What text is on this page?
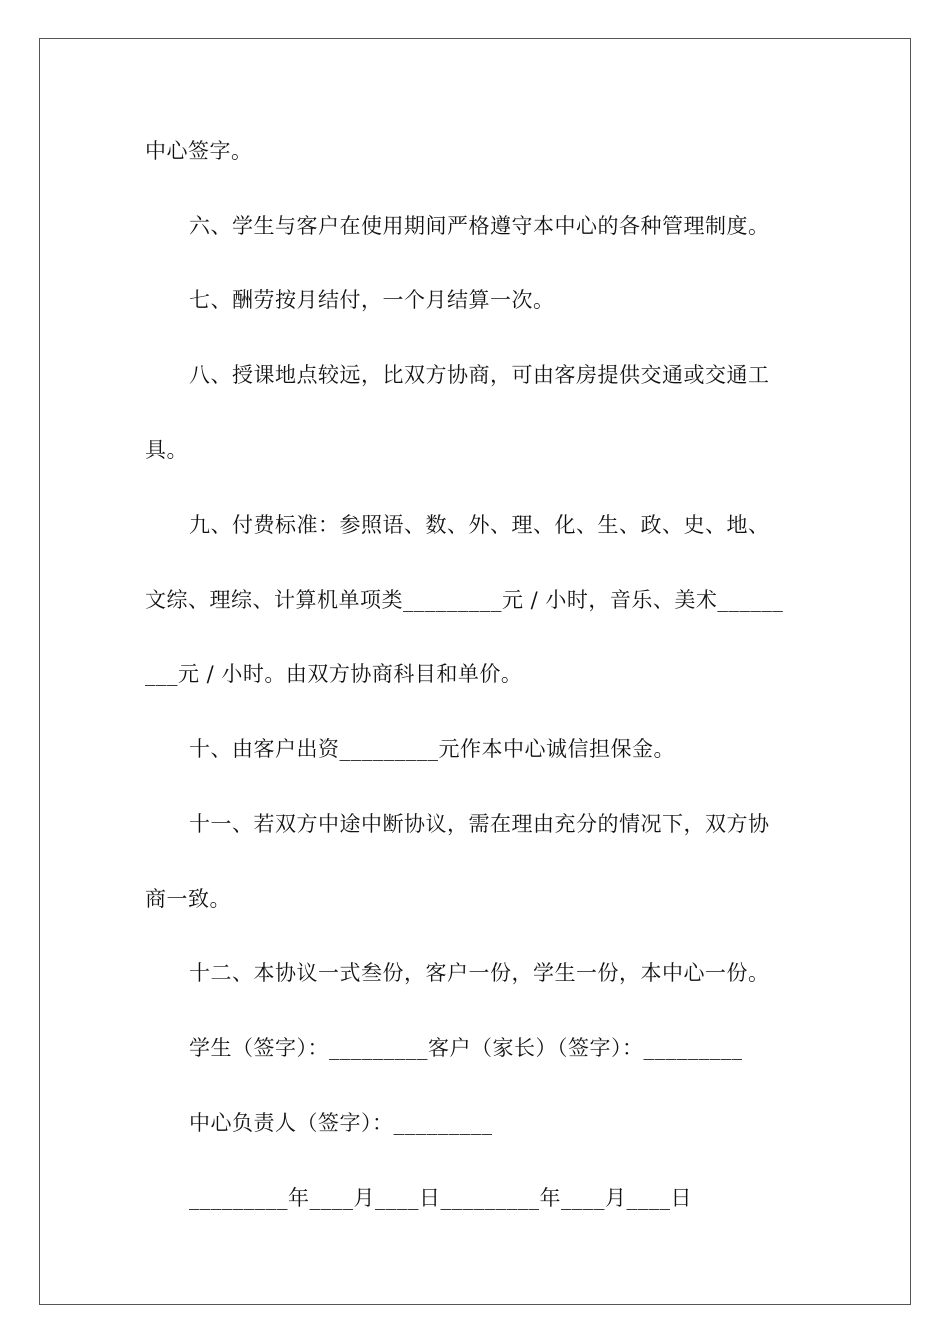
中心签字。
六、学生与客户在使用期间严格遵守本中心的各种管理制度。
七、酬劳按月结付，一个月结算一次。
八、授课地点较远，比双方协商，可由客房提供交通或交通工
具。
九、付费标准：参照语、数、外、理、化、生、政、史、地、
文综、理综、计算机单项类_________元 / 小时，音乐、美术______
___元 / 小时。由双方协商科目和单价。
十、由客户出资_________元作本中心诚信担保金。
十一、若双方中途中断协议，需在理由充分的情况下，双方协
商一致。
十二、本协议一式叁份，客户一份，学生一份，本中心一份。
学生（签字）：_________客户（家长）（签字）：_________
中心负责人（签字）：_________
_________年____月____日_________年____月____日
